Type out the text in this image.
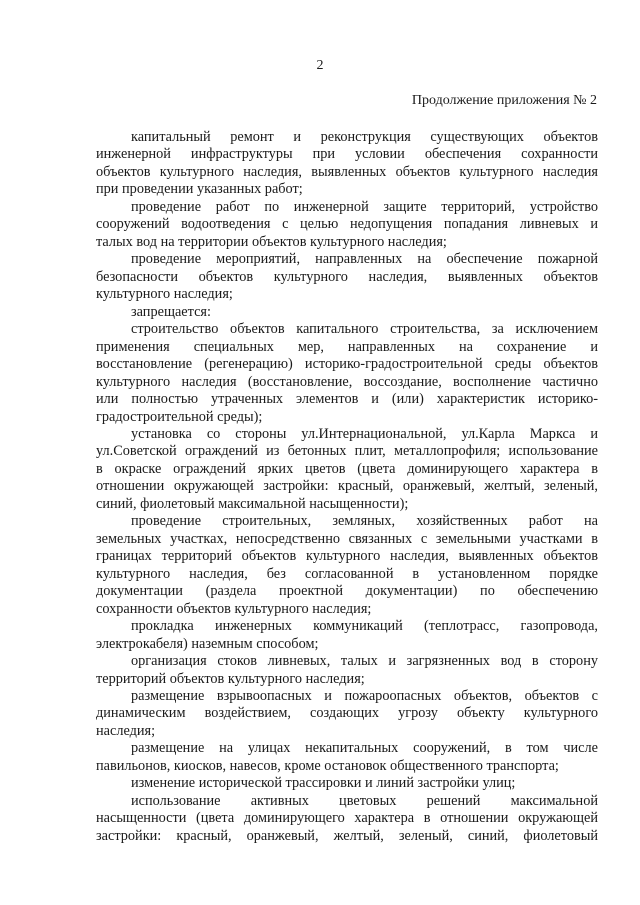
2
Продолжение приложения № 2
капитальный ремонт и реконструкция существующих объектов
инженерной инфраструктуры при условии обеспечения сохранности
объектов культурного наследия, выявленных объектов культурного наследия
при проведении указанных работ;
проведение работ по инженерной защите территорий, устройство
сооружений водоотведения с целью недопущения попадания ливневых и
талых вод на территории объектов культурного наследия;
проведение мероприятий, направленных на обеспечение пожарной
безопасности объектов культурного наследия, выявленных объектов
культурного наследия;
запрещается:
строительство объектов капитального строительства, за исключением
применения специальных мер, направленных на сохранение и
восстановление (регенерацию) историко-градостроительной среды объектов
культурного наследия (восстановление, воссоздание, восполнение частично
или полностью утраченных элементов и (или) характеристик историко-
градостроительной среды);
установка со стороны ул.Интернациональной, ул.Карла Маркса и
ул.Советской ограждений из бетонных плит, металлопрофиля; использование
в окраске ограждений ярких цветов (цвета доминирующего характера в
отношении окружающей застройки: красный, оранжевый, желтый, зеленый,
синий, фиолетовый максимальной насыщенности);
проведение строительных, земляных, хозяйственных работ на
земельных участках, непосредственно связанных с земельными участками в
границах территорий объектов культурного наследия, выявленных объектов
культурного наследия, без согласованной в установленном порядке
документации (раздела проектной документации) по обеспечению
сохранности объектов культурного наследия;
прокладка инженерных коммуникаций (теплотрасс, газопровода,
электрокабеля) наземным способом;
организация стоков ливневых, талых и загрязненных вод в сторону
территорий объектов культурного наследия;
размещение взрывоопасных и пожароопасных объектов, объектов с
динамическим воздействием, создающих угрозу объекту культурного
наследия;
размещение на улицах некапитальных сооружений, в том числе
павильонов, киосков, навесов, кроме остановок общественного транспорта;
изменение исторической трассировки и линий застройки улиц;
использование активных цветовых решений максимальной
насыщенности (цвета доминирующего характера в отношении окружающей
застройки: красный, оранжевый, желтый, зеленый, синий, фиолетовый
